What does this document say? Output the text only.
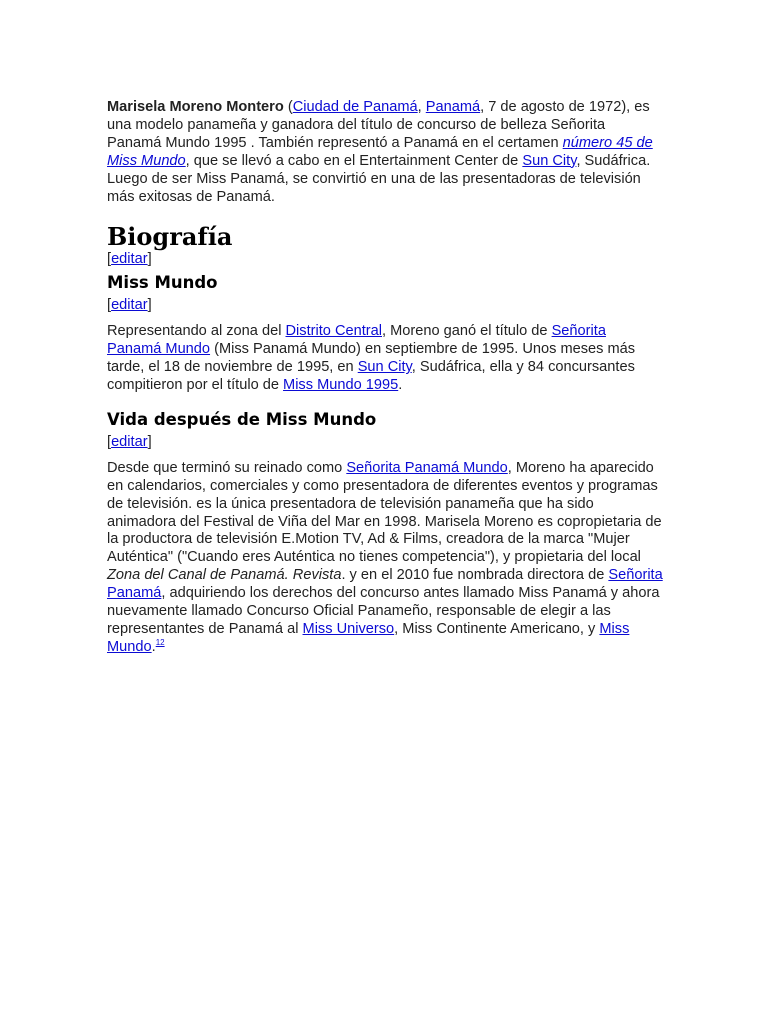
Marisela Moreno Montero (Ciudad de Panamá, Panamá, 7 de agosto de 1972), es una modelo panameña y ganadora del título de concurso de belleza Señorita Panamá Mundo 1995 . También representó a Panamá en el certamen número 45 de Miss Mundo, que se llevó a cabo en el Entertainment Center de Sun City, Sudáfrica. Luego de ser Miss Panamá, se convirtió en una de las presentadoras de televisión más exitosas de Panamá.

Biografía

[editar]

Miss Mundo

[editar]

Representando al zona del Distrito Central, Moreno ganó el título de Señorita Panamá Mundo (Miss Panamá Mundo) en septiembre de 1995. Unos meses más tarde, el 18 de noviembre de 1995, en Sun City, Sudáfrica, ella y 84 concursantes compitieron por el título de Miss Mundo 1995.

Vida después de Miss Mundo

[editar]

Desde que terminó su reinado como Señorita Panamá Mundo, Moreno ha aparecido en calendarios, comerciales y como presentadora de diferentes eventos y programas de televisión. es la única presentadora de televisión panameña que ha sido animadora del Festival de Viña del Mar en 1998. Marisela Moreno es copropietaria de la productora de televisión E.Motion TV, Ad & Films, creadora de la marca "Mujer Auténtica" ("Cuando eres Auténtica no tienes competencia"), y propietaria del local Zona del Canal de Panamá. Revista. y en el 2010 fue nombrada directora de Señorita Panamá, adquiriendo los derechos del concurso antes llamado Miss Panamá y ahora nuevamente llamado Concurso Oficial Panameño, responsable de elegir a las representantes de Panamá al Miss Universo, Miss Continente Americano, y Miss Mundo.$^{12}$
